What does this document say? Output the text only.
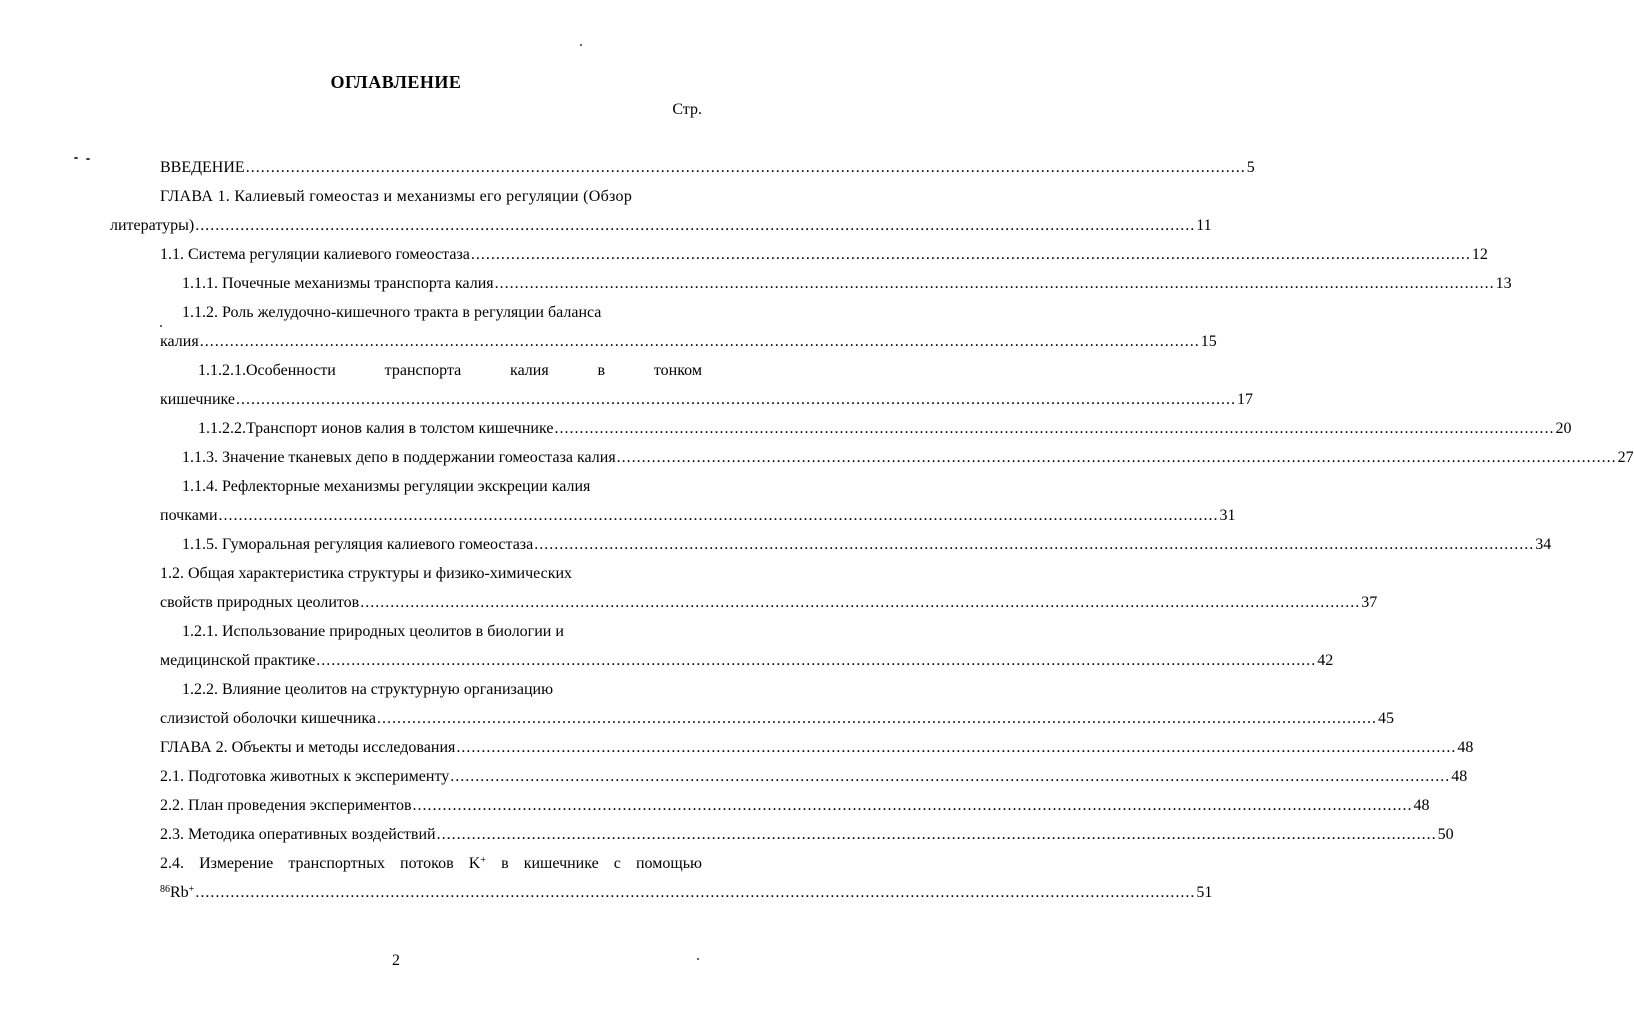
ОГЛАВЛЕНИЕ
Стр.
ВВЕДЕНИЕ ........................................................................................................................................................................................................ 5
ГЛАВА 1. Калиевый гомеостаз и механизмы его регуляции (Обзор
литературы) ........................................................................................................................................................................................................ 11
1.1. Система регуляции калиевого гомеостаза ........................................................................................................................................................................................................ 12
1.1.1. Почечные механизмы транспорта калия ........................................................................................................................................................................................................ 13
1.1.2. Роль желудочно-кишечного тракта в регуляции баланса
калия ........................................................................................................................................................................................................ 15
1.1.2.1.Особенности	транспорта	калия	в	тонком
кишечнике ........................................................................................................................................................................................................ 17
1.1.2.2.Транспорт ионов калия в толстом кишечнике ........................................................................................................................................................................................................ 20
1.1.3. Значение тканевых депо в поддержании гомеостаза калия ........................................................................................................................................................................................................ 27
1.1.4. Рефлекторные механизмы регуляции экскреции калия
почками ........................................................................................................................................................................................................ 31
1.1.5. Гуморальная регуляция калиевого гомеостаза ........................................................................................................................................................................................................ 34
1.2. Общая характеристика структуры и физико-химических
свойств природных цеолитов ........................................................................................................................................................................................................ 37
1.2.1. Использование природных цеолитов в биологии и
медицинской практике ........................................................................................................................................................................................................ 42
1.2.2. Влияние цеолитов на структурную организацию
слизистой оболочки кишечника ........................................................................................................................................................................................................ 45
ГЛАВА 2. Объекты и методы исследования ........................................................................................................................................................................................................ 48
2.1. Подготовка животных к эксперименту ........................................................................................................................................................................................................ 48
2.2. План проведения экспериментов ........................................................................................................................................................................................................ 48
2.3. Методика оперативных воздействий ........................................................................................................................................................................................................ 50
2.4. Измерение транспортных потоков K+ в кишечнике с помощью
$^{86}$Rb+ ........................................................................................................................................................................................................ 51
2
